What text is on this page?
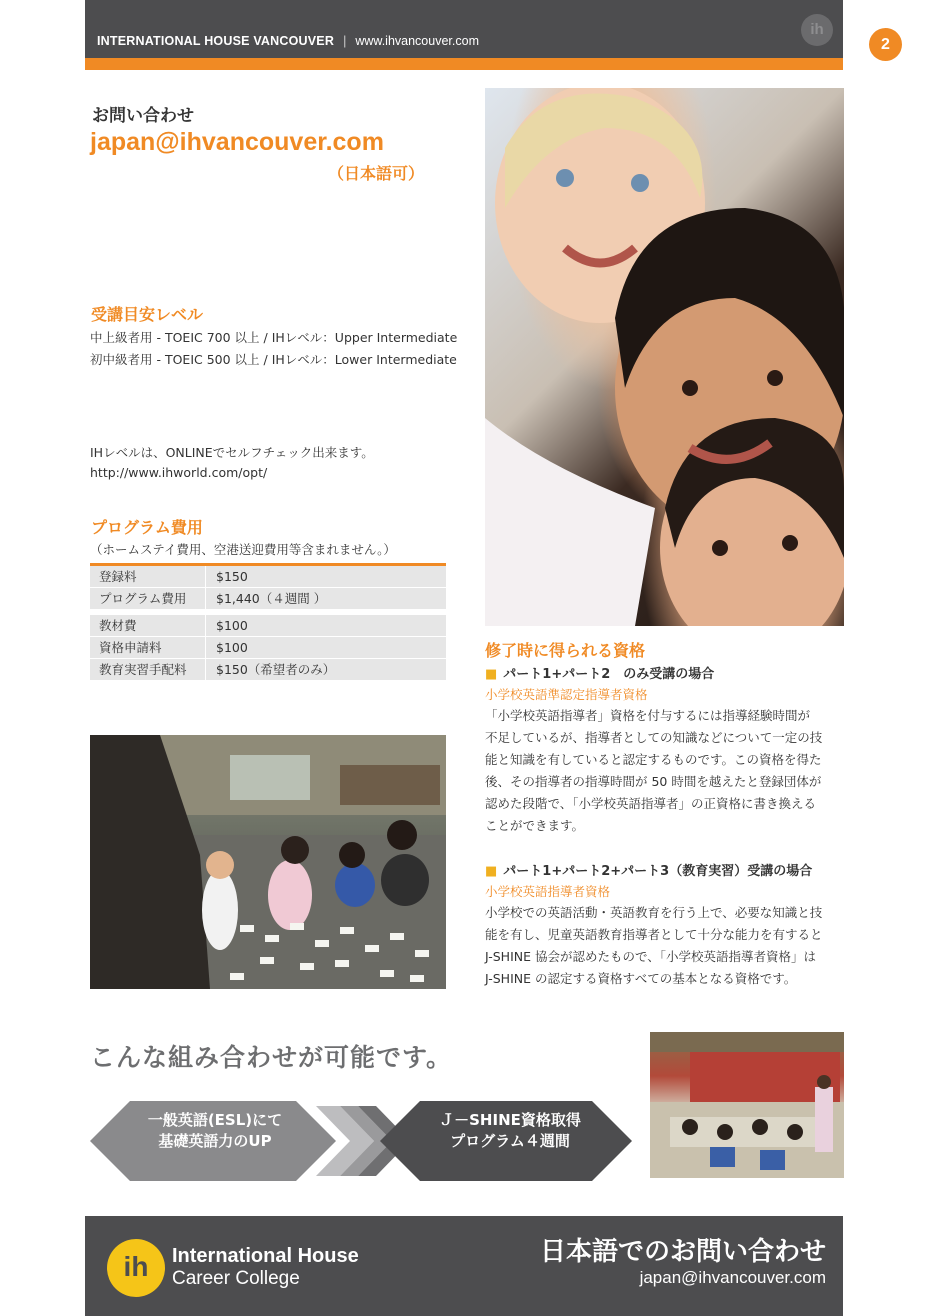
INTERNATIONAL HOUSE VANCOUVER | www.ihvancouver.com
ih
2
お問い合わせ
japan@ihvancouver.com
（日本語可）
受講目安レベル
中上級者用 - TOEIC 700 以上 / IHレベル：Upper Intermediate
初中級者用 - TOEIC 500 以上 / IHレベル：Lower Intermediate
IHレベルは、ONLINEでセルフチェック出来ます。
http://www.ihworld.com/opt/
プログラム費用
（ホームステイ費用、空港送迎費用等含まれません。）
登録料	$150
プログラム費用	$1,440（４週間 ）
教材費	$100
資格申請料	$100
教育実習手配料	$150（希望者のみ）
修了時に得られる資格
■ パート1+パート2　のみ受講の場合
小学校英語準認定指導者資格
「小学校英語指導者」資格を付与するには指導経験時間が
不足しているが、指導者としての知識などについて一定の技
能と知識を有していると認定するものです。この資格を得た
後、その指導者の指導時間が 50 時間を越えたと登録団体が
認めた段階で、「小学校英語指導者」の正資格に書き換える
ことができます。
■ パート1+パート2+パート3（教育実習）受講の場合
小学校英語指導者資格
小学校での英語活動・英語教育を行う上で、必要な知識と技
能を有し、児童英語教育指導者として十分な能力を有すると
J-SHINE 協会が認めたもので、「小学校英語指導者資格」は
J-SHINE の認定する資格すべての基本となる資格です。
こんな組み合わせが可能です。
一般英語(ESL)にて
基礎英語力のUP
Ｊ－SHINE資格取得
プログラム４週間
ih	International House
Career College
日本語でのお問い合わせ
japan@ihvancouver.com
